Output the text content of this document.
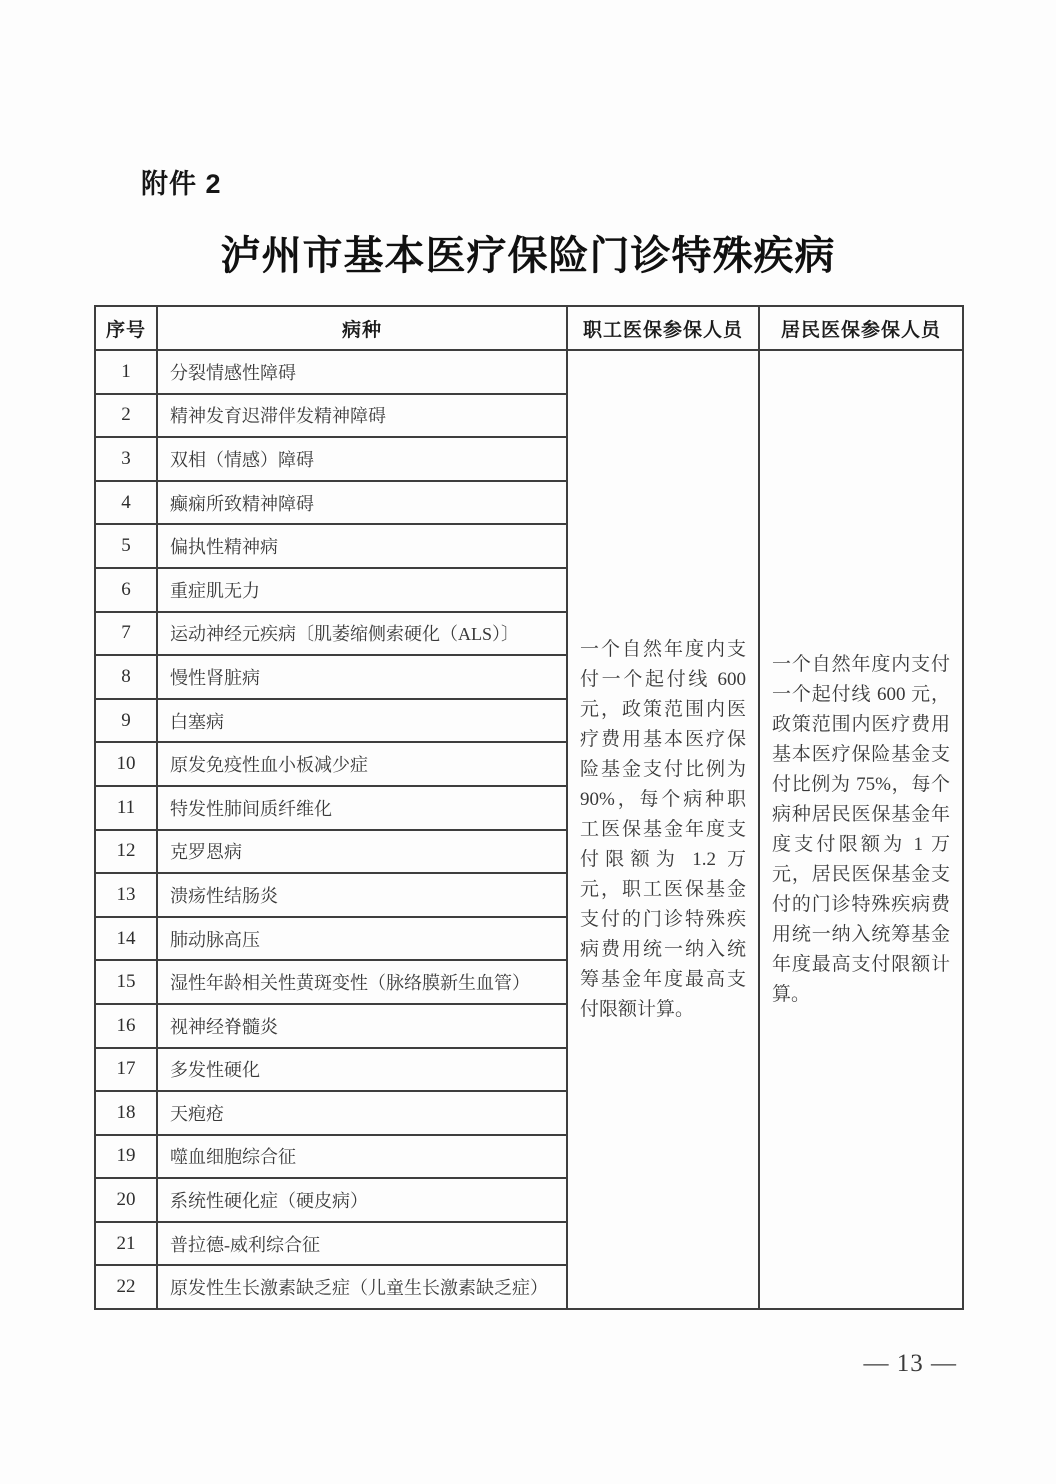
附件 2
泸州市基本医疗保险门诊特殊疾病
序号	病种	职工医保参保人员	居民医保参保人员
1	分裂情感性障碍	一个自然年度内支付一个起付线 600 元，政策范围内医疗费用基本医疗保险基金支付比例为 90%，每个病种职工医保基金年度支付限额为 1.2 万元，职工医保基金支付的门诊特殊疾病费用统一纳入统筹基金年度最高支付限额计算。	一个自然年度内支付一个起付线 600 元，政策范围内医疗费用基本医疗保险基金支付比例为 75%，每个病种居民医保基金年度支付限额为 1 万元，居民医保基金支付的门诊特殊疾病费用统一纳入统筹基金年度最高支付限额计算。
2	精神发育迟滞伴发精神障碍		
3	双相（情感）障碍		
4	癫痫所致精神障碍		
5	偏执性精神病		
6	重症肌无力		
7	运动神经元疾病〔肌萎缩侧索硬化（ALS）〕		
8	慢性肾脏病		
9	白塞病		
10	原发免疫性血小板减少症		
11	特发性肺间质纤维化		
12	克罗恩病		
13	溃疡性结肠炎		
14	肺动脉高压		
15	湿性年龄相关性黄斑变性（脉络膜新生血管）		
16	视神经脊髓炎		
17	多发性硬化		
18	天疱疮		
19	噬血细胞综合征		
20	系统性硬化症（硬皮病）		
21	普拉德-威利综合征		
22	原发性生长激素缺乏症（儿童生长激素缺乏症）		
— 13 —
